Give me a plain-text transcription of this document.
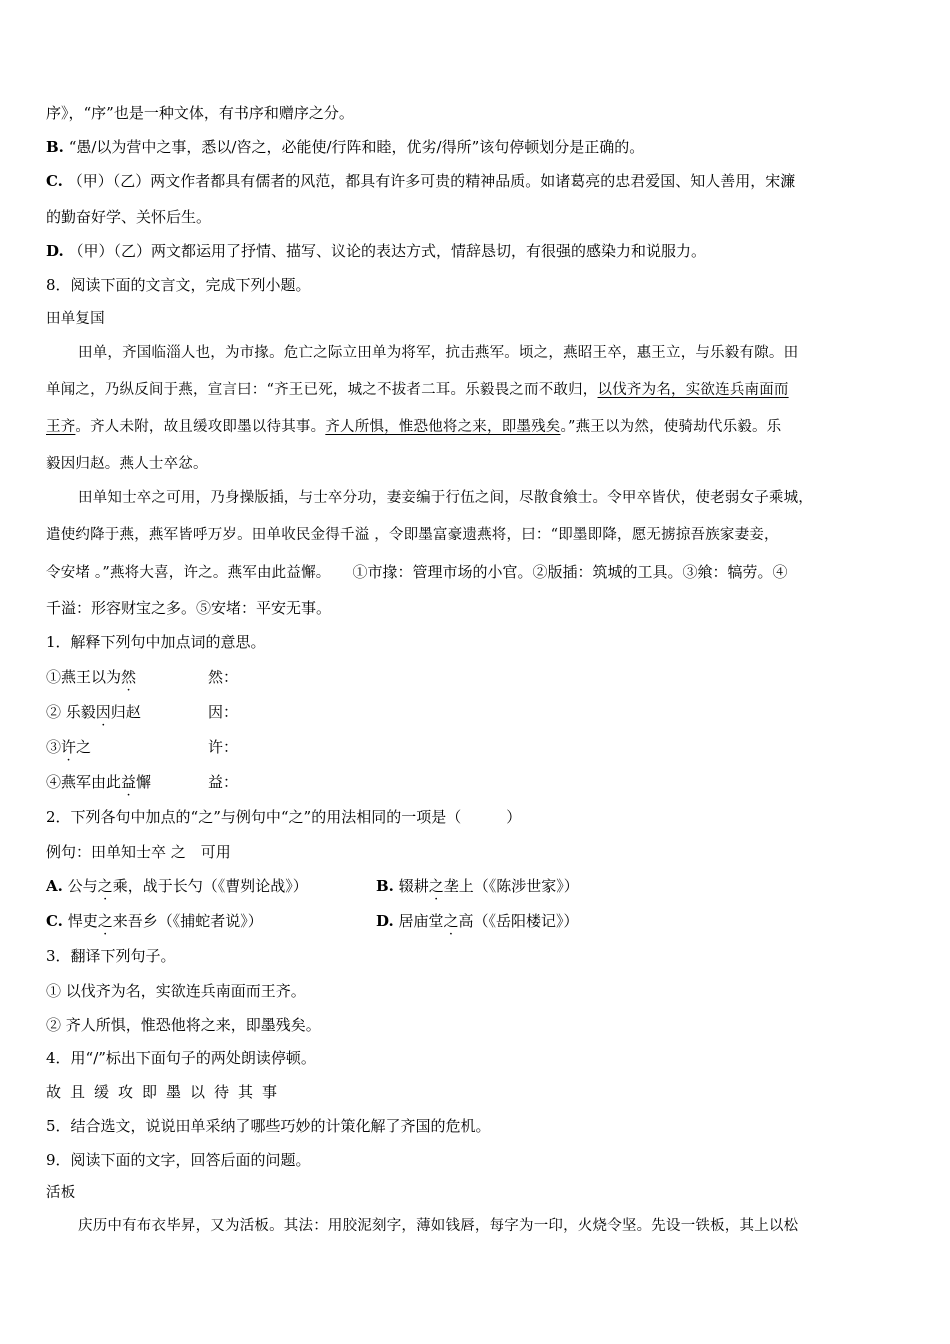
序》，“序”也是一种文体，有书序和赠序之分。
B. “愚/以为营中之事，悉以/咨之，必能使/行阵和睦，优劣/得所”该句停顿划分是正确的。
C. （甲）（乙）两文作者都具有儒者的风范，都具有许多可贵的精神品质。如诸葛亮的忠君爱国、知人善用，宋濂
的勤奋好学、关怀后生。
D. （甲）（乙）两文都运用了抒情、描写、议论的表达方式，情辞恳切，有很强的感染力和说服力。
8．阅读下面的文言文，完成下列小题。
田单复国
田单，齐国临淄人也，为市掾。危亡之际立田单为将军，抗击燕军。顷之，燕昭王卒，惠王立，与乐毅有隙。田
单闻之，乃纵反间于燕，宣言曰：“齐王已死，城之不拔者二耳。乐毅畏之而不敢归，以伐齐为名，实欲连兵南面而
王齐。齐人未附，故且缓攻即墨以待其事。齐人所惧，惟恐他将之来，即墨残矣。”燕王以为然，使骑劫代乐毅。乐
毅因归赵。燕人士卒忿。
田单知士卒之可用，乃身操版插，与士卒分功，妻妾编于行伍之间，尽散食飨士。令甲卒皆伏，使老弱女子乘城，
遣使约降于燕，燕军皆呼万岁。田单收民金得千溢 ，令即墨富豪遗燕将，曰：“即墨即降，愿无掳掠吾族家妻妾，
令安堵 。”燕将大喜，许之。燕军由此益懈。 ①市掾：管理市场的小官。②版插：筑城的工具。③飨：犒劳。④
千溢：形容财宝之多。⑤安堵：平安无事。
1．解释下列句中加点词的意思。
①燕王以为然	然：
② 乐毅因归赵	因：
③许之	许：
④燕军由此益懈	益：
2．下列各句中加点的“之”与例句中“之”的用法相同的一项是（　　　）
例句：田单知士卒 之　可用
A. 公与之乘，战于长勺（《曹刿论战》）	B. 辍耕之垄上（《陈涉世家》）
C. 悍吏之来吾乡（《捕蛇者说》）	D. 居庙堂之高（《岳阳楼记》）
3．翻译下列句子。
① 以伐齐为名，实欲连兵南面而王齐。
② 齐人所惧，惟恐他将之来，即墨残矣。
4．用“/”标出下面句子的两处朗读停顿。
故且缓攻即墨以待其事
5．结合选文，说说田单采纳了哪些巧妙的计策化解了齐国的危机。
9．阅读下面的文字，回答后面的问题。
活板
庆历中有布衣毕昇，又为活板。其法：用胶泥刻字，薄如钱唇，每字为一印，火烧令坚。先设一铁板，其上以松
